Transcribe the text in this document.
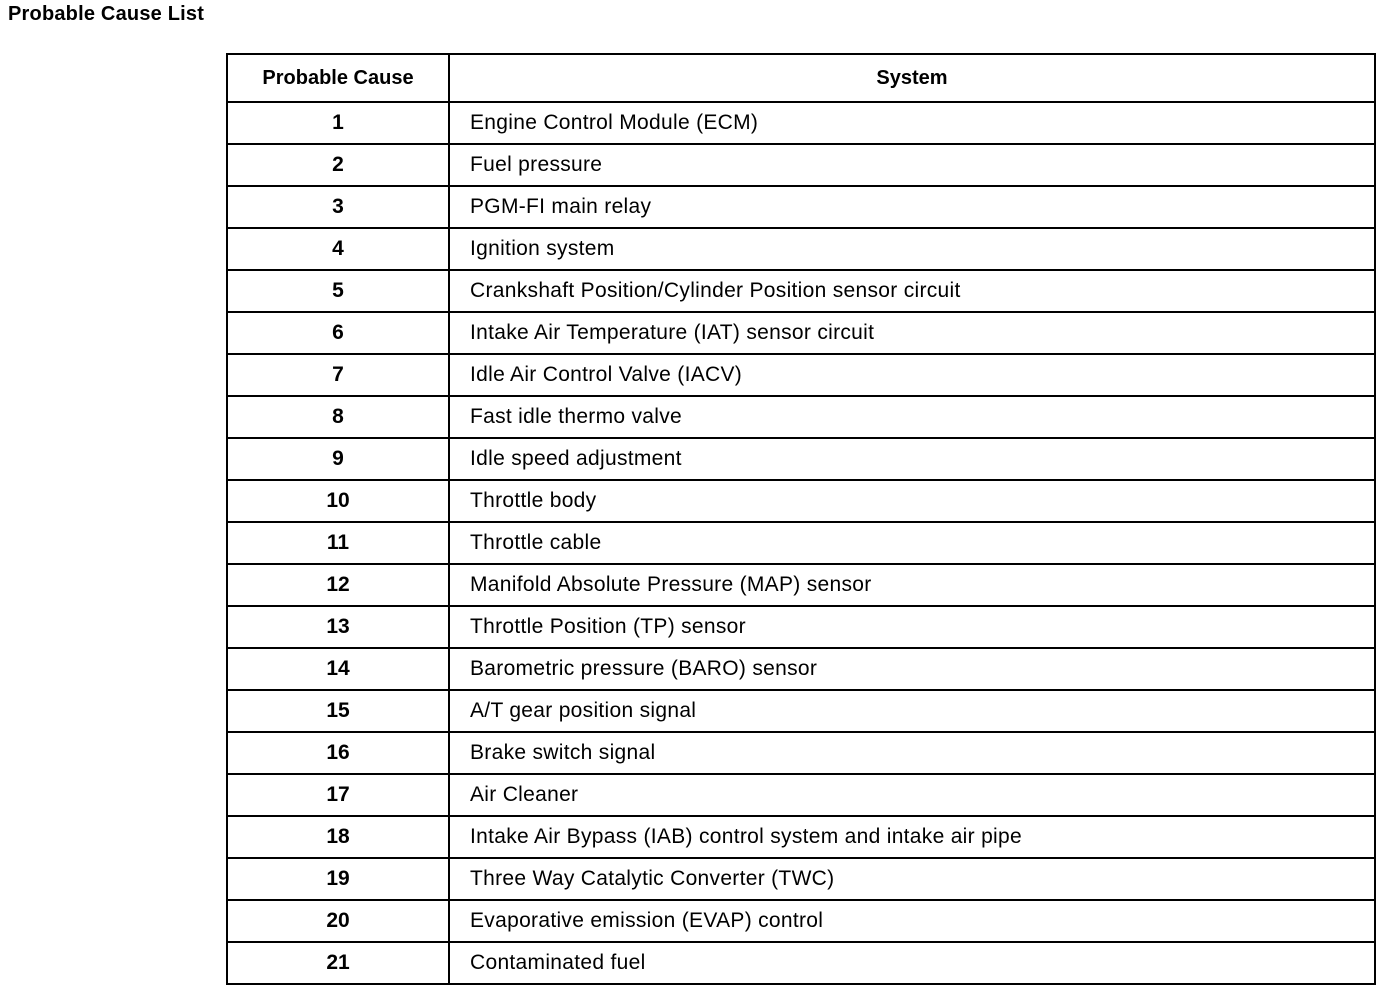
Probable Cause List
Probable Cause	System
1	Engine Control Module (ECM)
2	Fuel pressure
3	PGM-FI main relay
4	Ignition system
5	Crankshaft Position/Cylinder Position sensor circuit
6	Intake Air Temperature (IAT) sensor circuit
7	Idle Air Control Valve (IACV)
8	Fast idle thermo valve
9	Idle speed adjustment
10	Throttle body
11	Throttle cable
12	Manifold Absolute Pressure (MAP) sensor
13	Throttle Position (TP) sensor
14	Barometric pressure (BARO) sensor
15	A/T gear position signal
16	Brake switch signal
17	Air Cleaner
18	Intake Air Bypass (IAB) control system and intake air pipe
19	Three Way Catalytic Converter (TWC)
20	Evaporative emission (EVAP) control
21	Contaminated fuel
